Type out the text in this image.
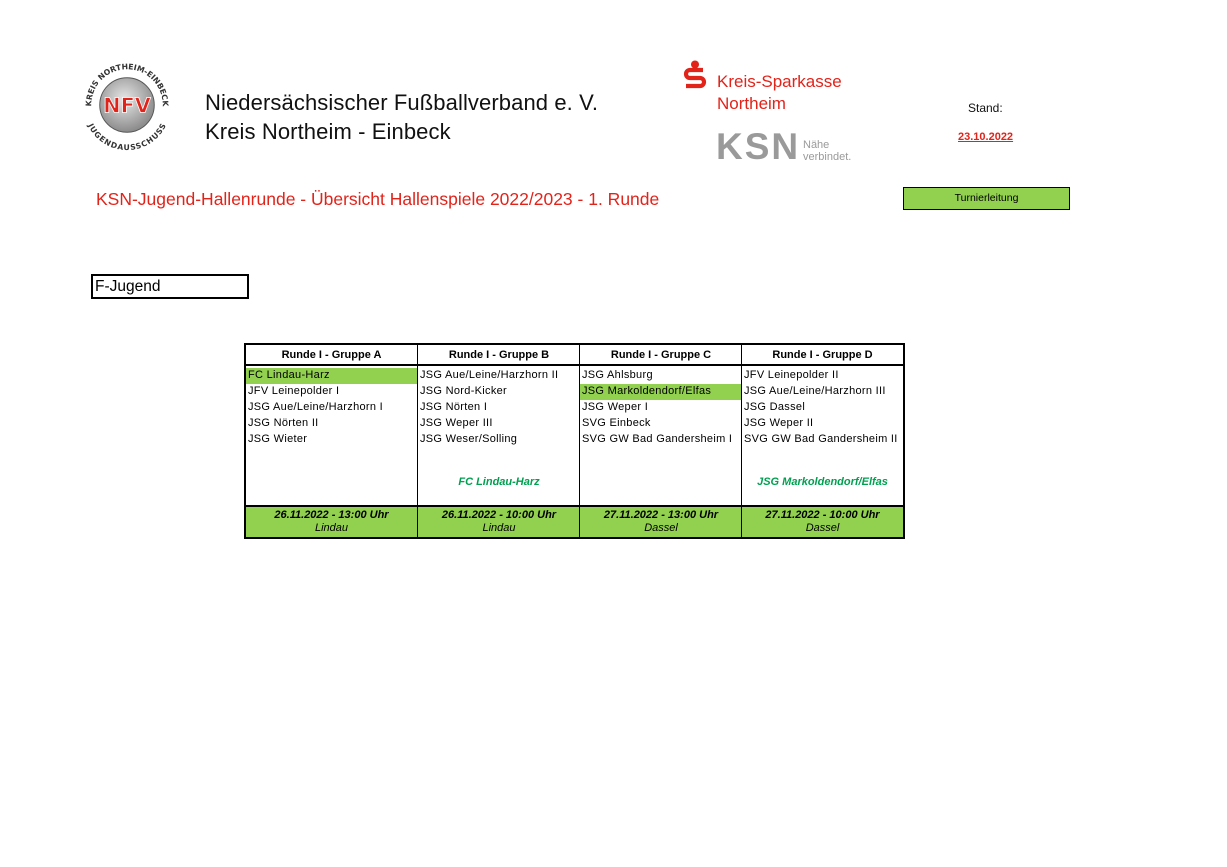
KREIS NORTHEIM-EINBECK
JUGENDAUSSCHUSS
NFV Niedersächsischer Fußballverband e. V.
Kreis Northeim - Einbeck
Kreis-Sparkasse
Northeim
KSN Nähe
verbindet.
Stand:
23.10.2022
KSN-Jugend-Hallenrunde - Übersicht Hallenspiele 2022/2023 - 1. Runde	Turnierleitung
F-Jugend
Runde I - Gruppe A
FC Lindau-Harz
JFV Leinepolder I
JSG Aue/Leine/Harzhorn I
JSG Nörten II
JSG Wieter
26.11.2022 - 13:00 Uhr
Lindau
Runde I - Gruppe B
JSG Aue/Leine/Harzhorn II
JSG Nord-Kicker
JSG Nörten I
JSG Weper III
JSG Weser/Solling
FC Lindau-Harz
26.11.2022 - 10:00 Uhr
Lindau
Runde I - Gruppe C
JSG Ahlsburg
JSG Markoldendorf/Elfas
JSG Weper I
SVG Einbeck
SVG GW Bad Gandersheim I
27.11.2022 - 13:00 Uhr
Dassel
Runde I - Gruppe D
JFV Leinepolder II
JSG Aue/Leine/Harzhorn III
JSG Dassel
JSG Weper II
SVG GW Bad Gandersheim II
JSG Markoldendorf/Elfas
27.11.2022 - 10:00 Uhr
Dassel
